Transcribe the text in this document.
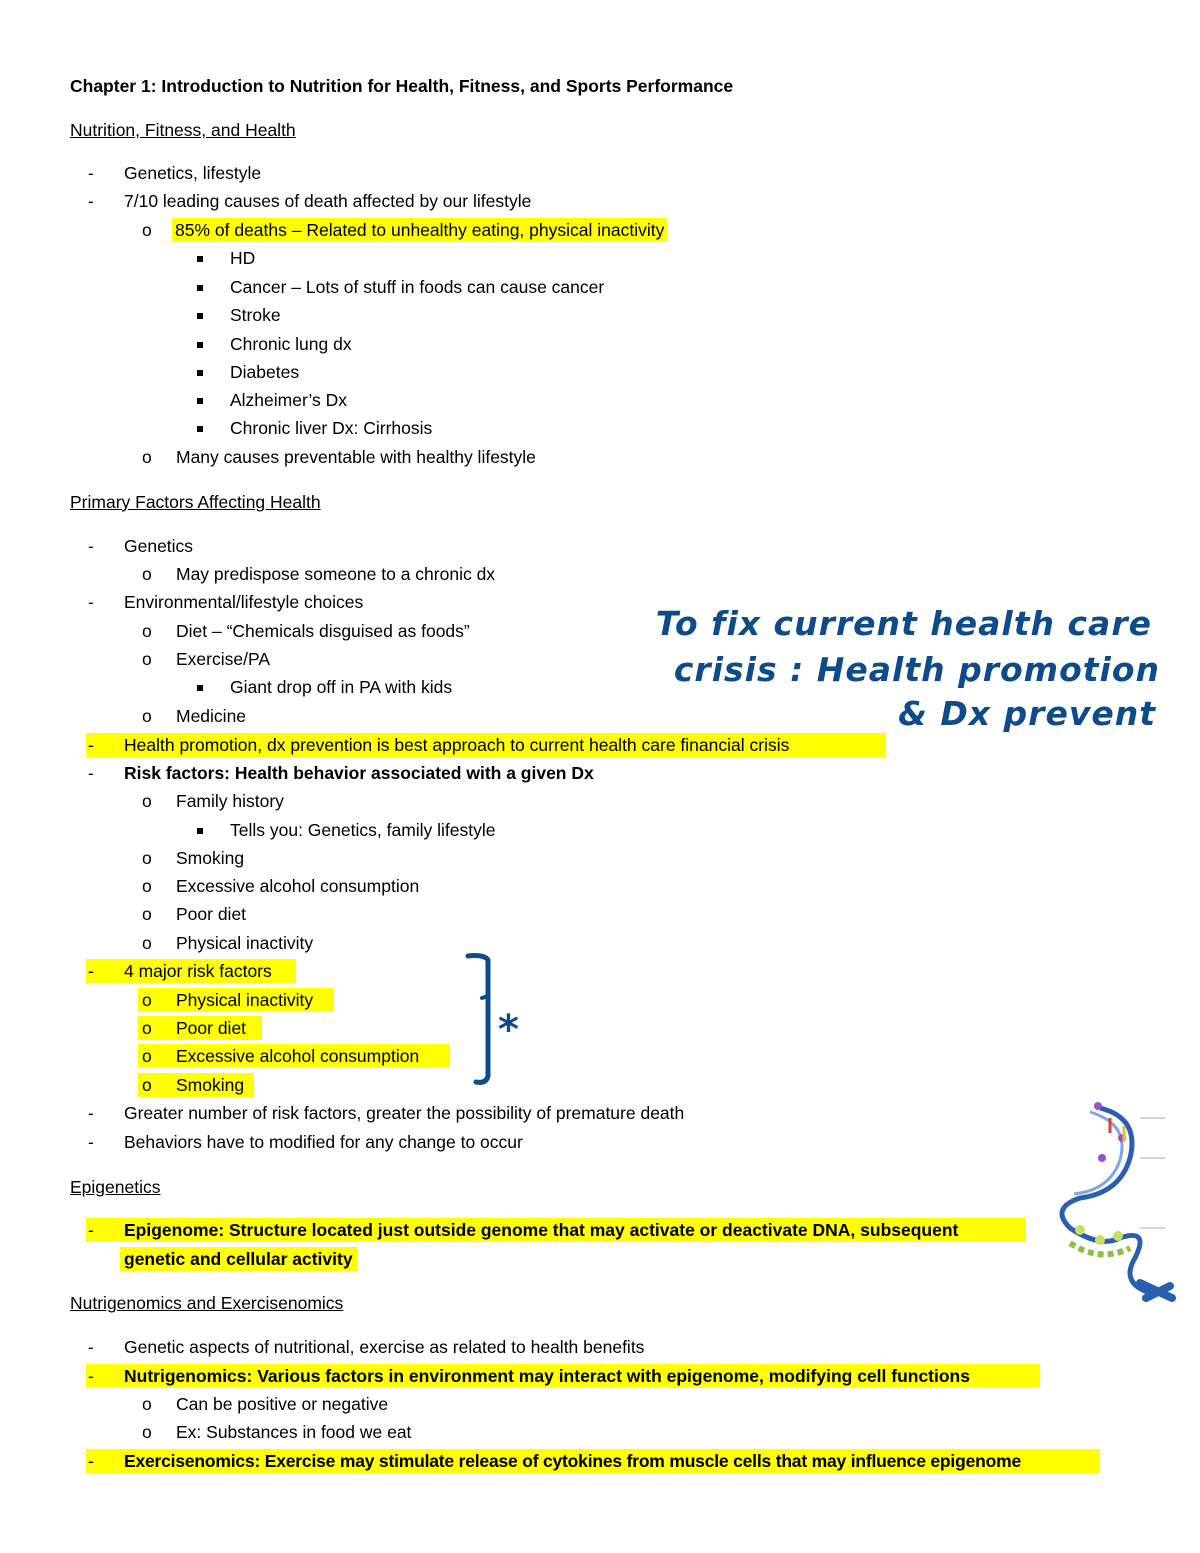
Chapter 1: Introduction to Nutrition for Health, Fitness, and Sports Performance
Nutrition, Fitness, and Health
- Genetics, lifestyle
- 7/10 leading causes of death affected by our lifestyle
o 85% of deaths – Related to unhealthy eating, physical inactivity
HD
Cancer – Lots of stuff in foods can cause cancer
Stroke
Chronic lung dx
Diabetes
Alzheimer’s Dx
Chronic liver Dx: Cirrhosis
o Many causes preventable with healthy lifestyle
Primary Factors Affecting Health
- Genetics
o May predispose someone to a chronic dx
- Environmental/lifestyle choices
o Diet – “Chemicals disguised as foods”
o Exercise/PA
Giant drop off in PA with kids
o Medicine
- Health promotion, dx prevention is best approach to current health care financial crisis
- Risk factors: Health behavior associated with a given Dx
o Family history
Tells you: Genetics, family lifestyle
o Smoking
o Excessive alcohol consumption
o Poor diet
o Physical inactivity
- 4 major risk factors
o Physical inactivity
o Poor diet
o Excessive alcohol consumption
o Smoking
- Greater number of risk factors, greater the possibility of premature death
- Behaviors have to modified for any change to occur
Epigenetics
- Epigenome: Structure located just outside genome that may activate or deactivate DNA, subsequent
genetic and cellular activity
Nutrigenomics and Exercisenomics
- Genetic aspects of nutritional, exercise as related to health benefits
- Nutrigenomics: Various factors in environment may interact with epigenome, modifying cell functions
o Can be positive or negative
o Ex: Substances in food we eat
- Exercisenomics: Exercise may stimulate release of cytokines from muscle cells that may influence epigenome
To fix current health care
crisis : Health promotion
& Dx prevent
*
